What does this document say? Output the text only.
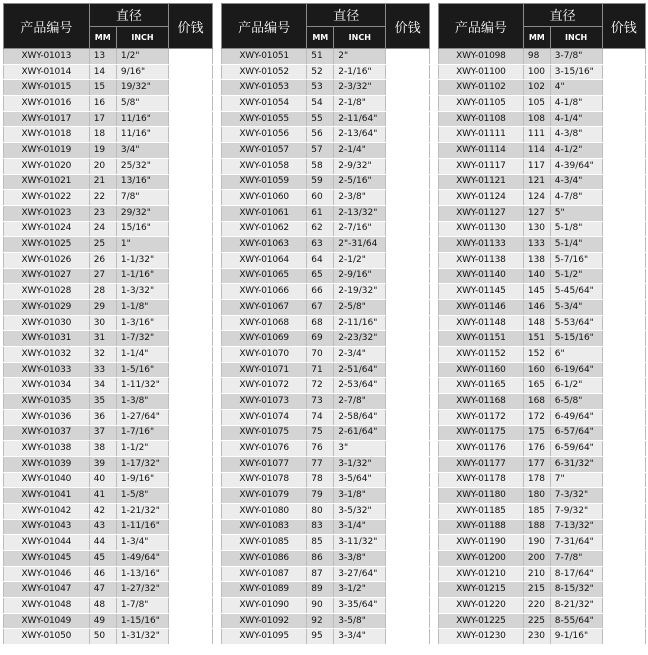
产品编号	直径		价钱
	MM	INCH	
XWY-01013	13	1/2"	
XWY-01014	14	9/16"	
XWY-01015	15	19/32"	
XWY-01016	16	5/8"	
XWY-01017	17	11/16"	
XWY-01018	18	11/16"	
XWY-01019	19	3/4"	
XWY-01020	20	25/32"	
XWY-01021	21	13/16"	
XWY-01022	22	7/8"	
XWY-01023	23	29/32"	
XWY-01024	24	15/16"	
XWY-01025	25	1"	
XWY-01026	26	1-1/32"	
XWY-01027	27	1-1/16"	
XWY-01028	28	1-3/32"	
XWY-01029	29	1-1/8"	
XWY-01030	30	1-3/16"	
XWY-01031	31	1-7/32"	
XWY-01032	32	1-1/4"	
XWY-01033	33	1-5/16"	
XWY-01034	34	1-11/32"	
XWY-01035	35	1-3/8"	
XWY-01036	36	1-27/64"	
XWY-01037	37	1-7/16"	
XWY-01038	38	1-1/2"	
XWY-01039	39	1-17/32"	
XWY-01040	40	1-9/16"	
XWY-01041	41	1-5/8"	
XWY-01042	42	1-21/32"	
XWY-01043	43	1-11/16"	
XWY-01044	44	1-3/4"	
XWY-01045	45	1-49/64"	
XWY-01046	46	1-13/16"	
XWY-01047	47	1-27/32"	
XWY-01048	48	1-7/8"	
XWY-01049	49	1-15/16"	
XWY-01050	50	1-31/32"	
产品编号	直径		价钱
	MM	INCH	
XWY-01051	51	2"	
XWY-01052	52	2-1/16"	
XWY-01053	53	2-3/32"	
XWY-01054	54	2-1/8"	
XWY-01055	55	2-11/64"	
XWY-01056	56	2-13/64"	
XWY-01057	57	2-1/4"	
XWY-01058	58	2-9/32"	
XWY-01059	59	2-5/16"	
XWY-01060	60	2-3/8"	
XWY-01061	61	2-13/32"	
XWY-01062	62	2-7/16"	
XWY-01063	63	2"-31/64	
XWY-01064	64	2-1/2"	
XWY-01065	65	2-9/16"	
XWY-01066	66	2-19/32"	
XWY-01067	67	2-5/8"	
XWY-01068	68	2-11/16"	
XWY-01069	69	2-23/32"	
XWY-01070	70	2-3/4"	
XWY-01071	71	2-51/64"	
XWY-01072	72	2-53/64"	
XWY-01073	73	2-7/8"	
XWY-01074	74	2-58/64"	
XWY-01075	75	2-61/64"	
XWY-01076	76	3"	
XWY-01077	77	3-1/32"	
XWY-01078	78	3-5/64"	
XWY-01079	79	3-1/8"	
XWY-01080	80	3-5/32"	
XWY-01083	83	3-1/4"	
XWY-01085	85	3-11/32"	
XWY-01086	86	3-3/8"	
XWY-01087	87	3-27/64"	
XWY-01089	89	3-1/2"	
XWY-01090	90	3-35/64"	
XWY-01092	92	3-5/8"	
XWY-01095	95	3-3/4"	
产品编号	直径		价钱
	MM	INCH	
XWY-01098	98	3-7/8"	
XWY-01100	100	3-15/16"	
XWY-01102	102	4"	
XWY-01105	105	4-1/8"	
XWY-01108	108	4-1/4"	
XWY-01111	111	4-3/8"	
XWY-01114	114	4-1/2"	
XWY-01117	117	4-39/64"	
XWY-01121	121	4-3/4"	
XWY-01124	124	4-7/8"	
XWY-01127	127	5"	
XWY-01130	130	5-1/8"	
XWY-01133	133	5-1/4"	
XWY-01138	138	5-7/16"	
XWY-01140	140	5-1/2"	
XWY-01145	145	5-45/64"	
XWY-01146	146	5-3/4"	
XWY-01148	148	5-53/64"	
XWY-01151	151	5-15/16"	
XWY-01152	152	6"	
XWY-01160	160	6-19/64"	
XWY-01165	165	6-1/2"	
XWY-01168	168	6-5/8"	
XWY-01172	172	6-49/64"	
XWY-01175	175	6-57/64"	
XWY-01176	176	6-59/64"	
XWY-01177	177	6-31/32"	
XWY-01178	178	7"	
XWY-01180	180	7-3/32"	
XWY-01185	185	7-9/32"	
XWY-01188	188	7-13/32"	
XWY-01190	190	7-31/64"	
XWY-01200	200	7-7/8"	
XWY-01210	210	8-17/64"	
XWY-01215	215	8-15/32"	
XWY-01220	220	8-21/32"	
XWY-01225	225	8-55/64"	
XWY-01230	230	9-1/16"	
